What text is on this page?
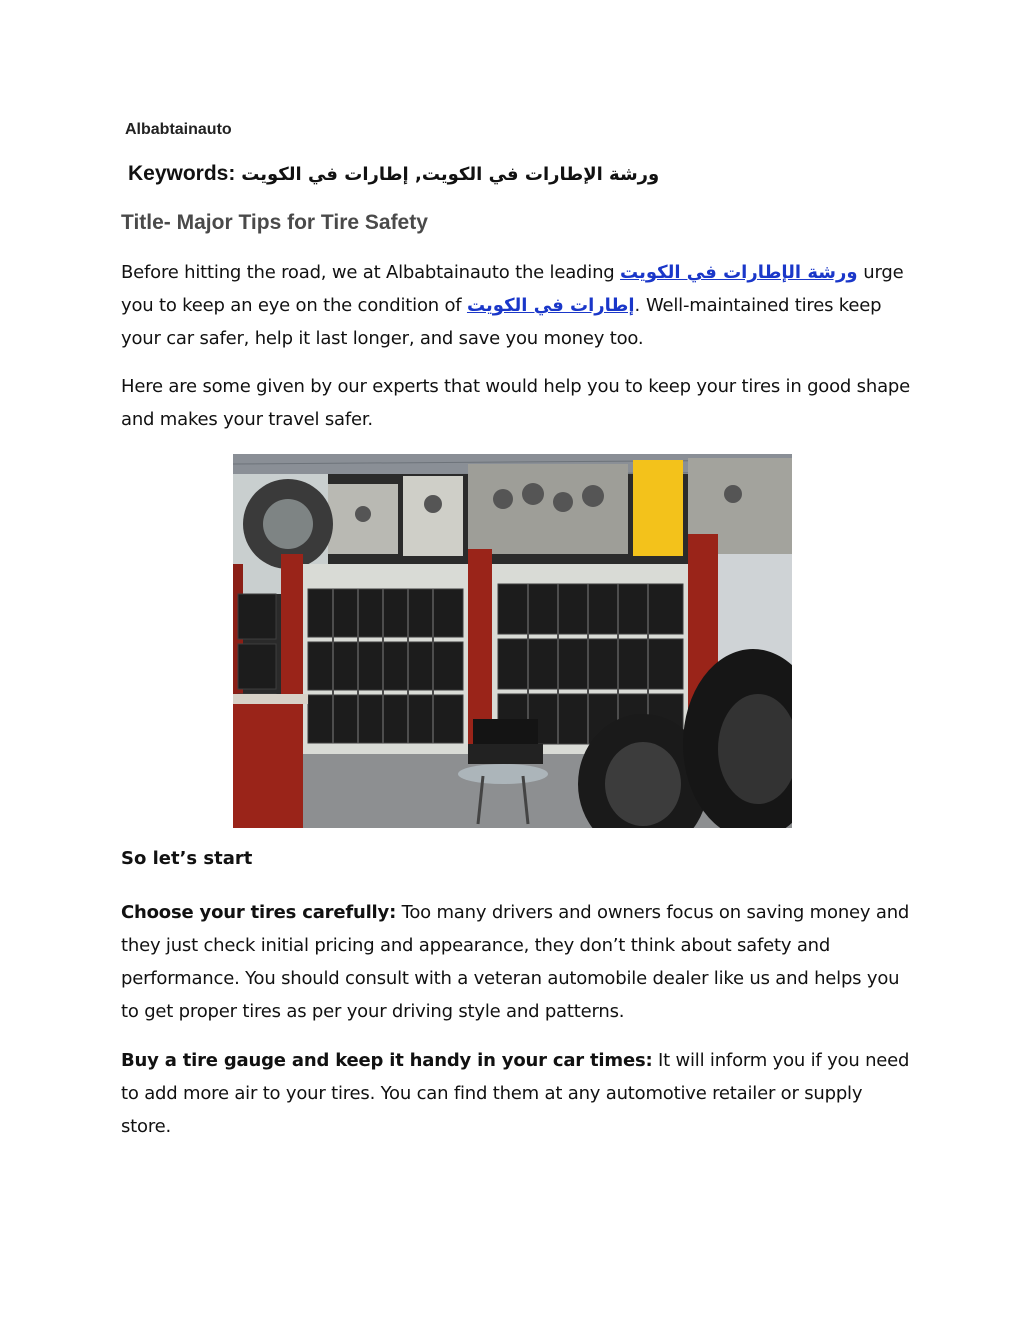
Albabtainauto
Keywords: ورشة الإطارات في الكويت, إطارات في الكويت
Title- Major Tips for Tire Safety

Before hitting the road, we at Albabtainauto the leading ورشة الإطارات في الكويت urge you to keep an eye on the condition of إطارات في الكويت. Well-maintained tires keep your car safer, help it last longer, and save you money too.

Here are some given by our experts that would help you to keep your tires in good shape and makes your travel safer.

So let’s start

Choose your tires carefully: Too many drivers and owners focus on saving money and they just check initial pricing and appearance, they don’t think about safety and performance. You should consult with a veteran automobile dealer like us and helps you to get proper tires as per your driving style and patterns.

Buy a tire gauge and keep it handy in your car times: It will inform you if you need to add more air to your tires. You can find them at any automotive retailer or supply store.
